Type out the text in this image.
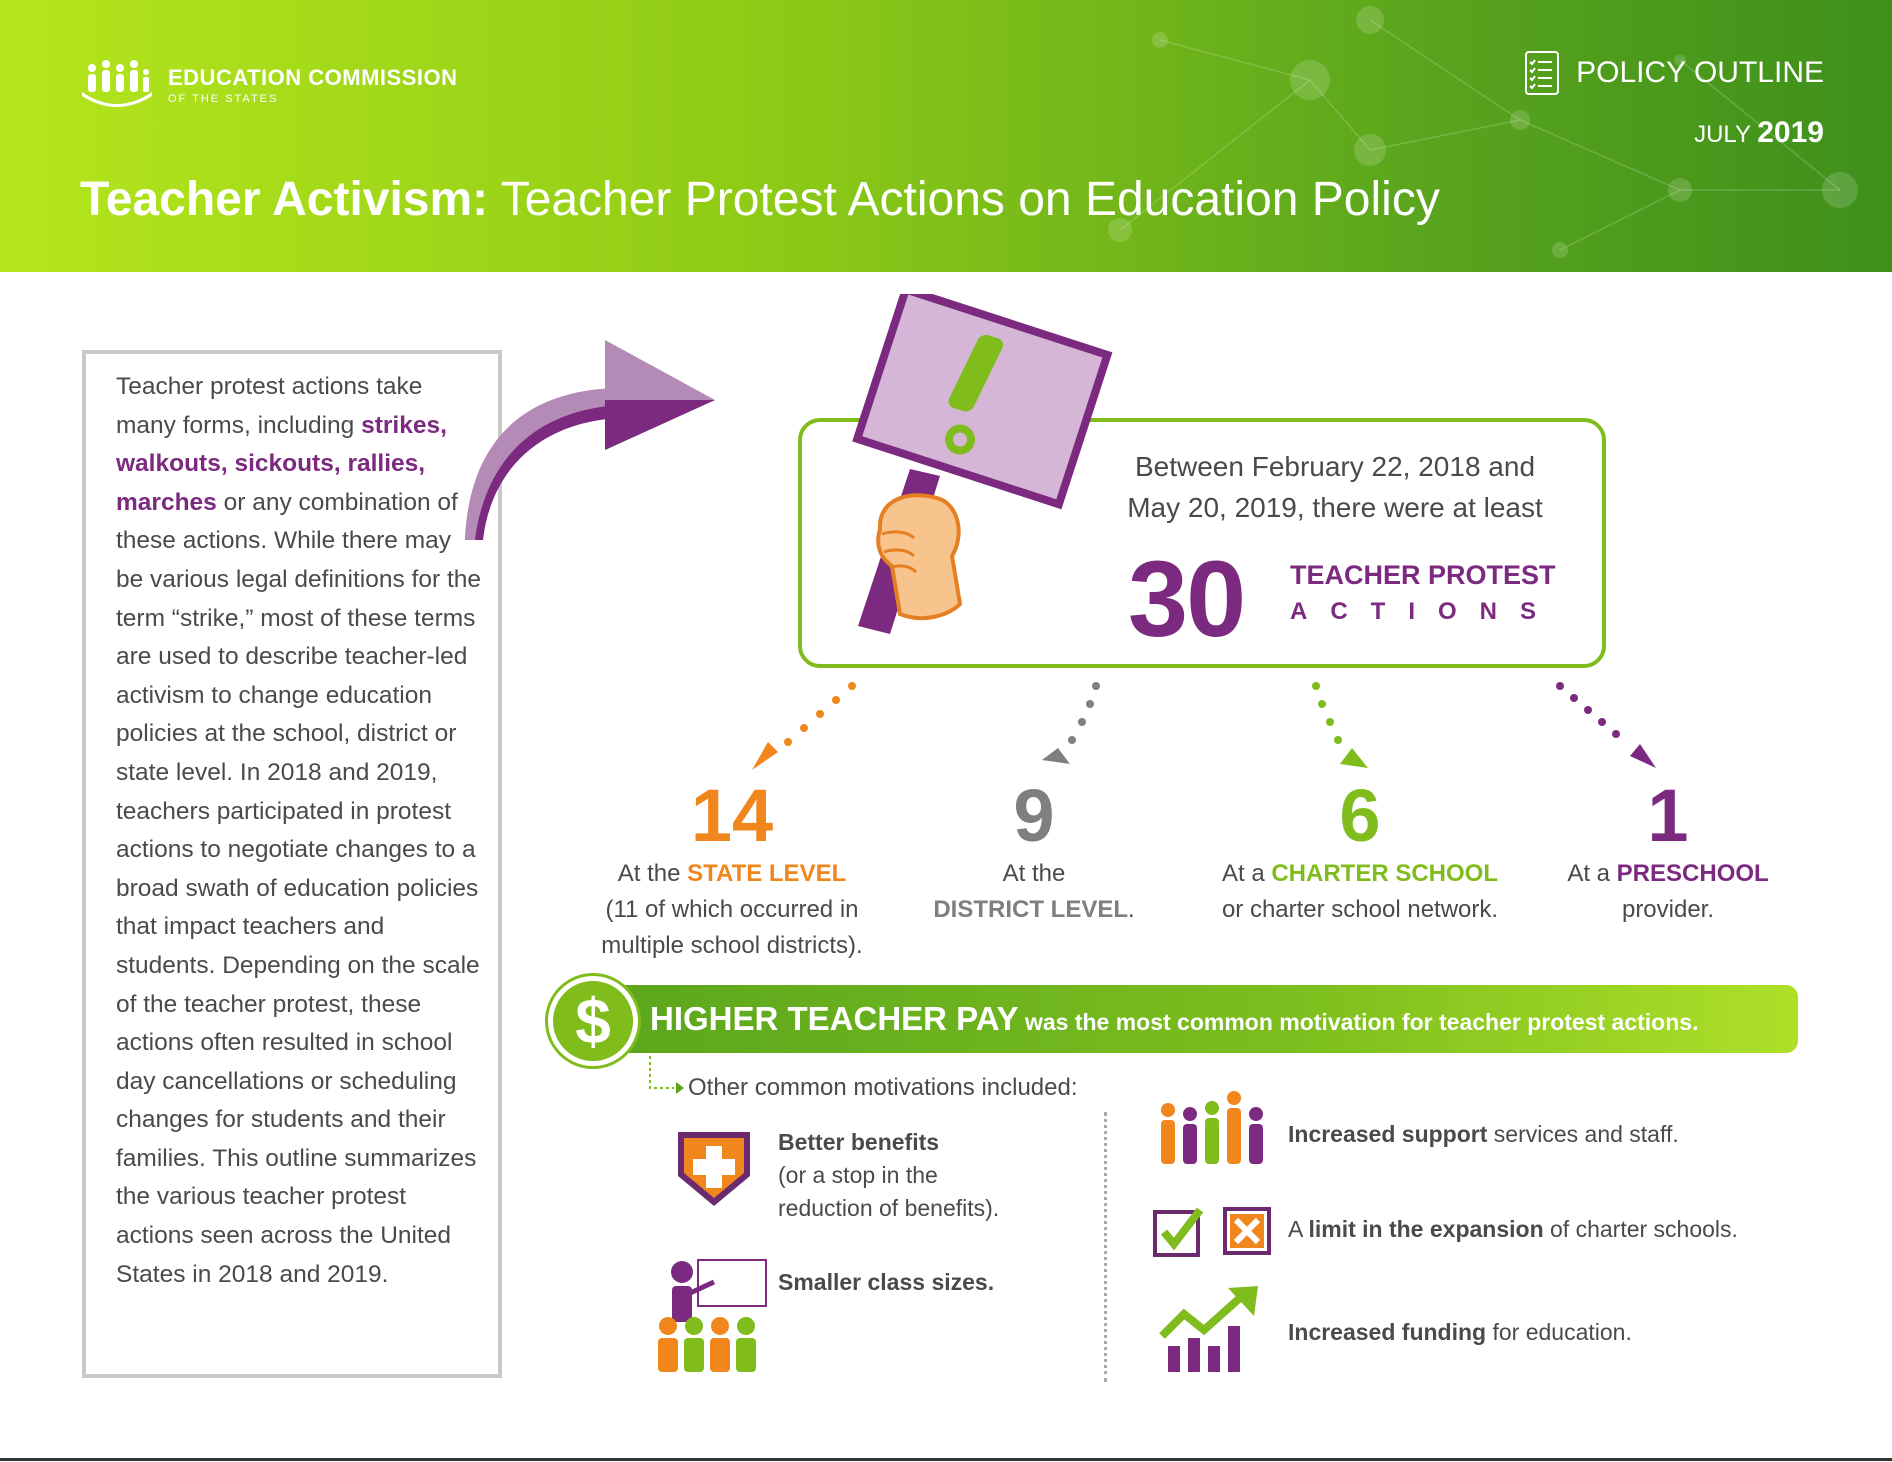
EDUCATION COMMISSION
OF THE STATES
POLICY OUTLINE
JULY 2019
Teacher Activism: Teacher Protest Actions on Education Policy

Teacher protest actions take many forms, including strikes, walkouts, sickouts, rallies, marches or any combination of these actions. While there may be various legal definitions for the term “strike,” most of these terms are used to describe teacher-led activism to change education policies at the school, district or state level. In 2018 and 2019, teachers participated in protest actions to negotiate changes to a broad swath of education policies that impact teachers and students. Depending on the scale of the teacher protest, these actions often resulted in school day cancellations or scheduling changes for students and their families. This outline summarizes the various teacher protest actions seen across the United States in 2018 and 2019.

Between February 22, 2018 and
May 20, 2019, there were at least
30 TEACHER PROTEST
ACTIONS
14
At the STATE LEVEL
(11 of which occurred in
multiple school districts).
9
At the
DISTRICT LEVEL.
6
At a CHARTER SCHOOL
or charter school network.
1
At a PRESCHOOL
provider.
$	HIGHER TEACHER PAY was the most common motivation for teacher protest actions.
Other common motivations included:
Better benefits
(or a stop in the
reduction of benefits).
Smaller class sizes.
Increased support services and staff.
A limit in the expansion of charter schools.
Increased funding for education.
